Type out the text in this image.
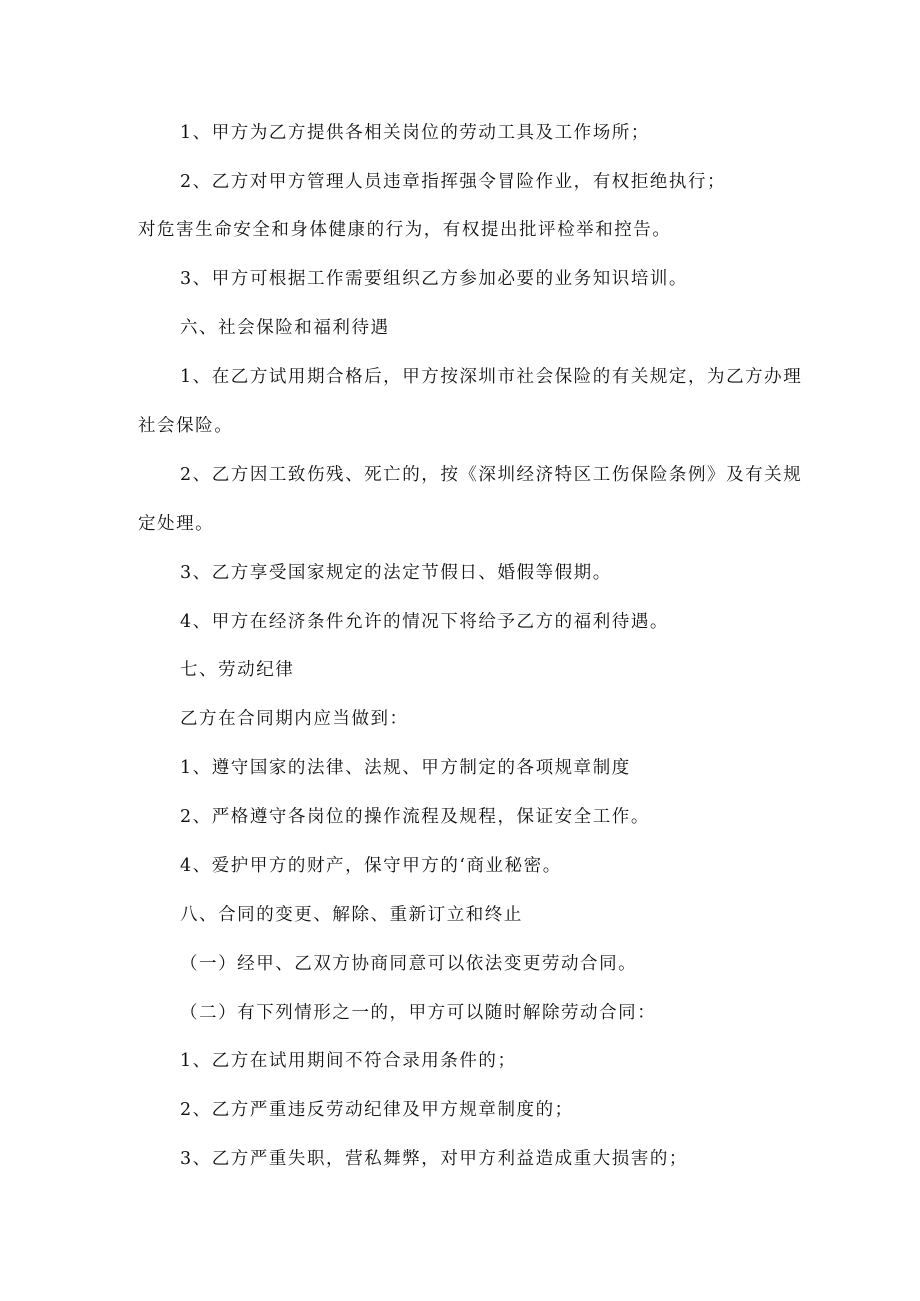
1、甲方为乙方提供各相关岗位的劳动工具及工作场所；

2、乙方对甲方管理人员违章指挥强令冒险作业，有权拒绝执行；

对危害生命安全和身体健康的行为，有权提出批评检举和控告。

3、甲方可根据工作需要组织乙方参加必要的业务知识培训。

六、社会保险和福利待遇

1、在乙方试用期合格后，甲方按深圳市社会保险的有关规定，为乙方办理

社会保险。

2、乙方因工致伤残、死亡的，按《深圳经济特区工伤保险条例》及有关规

定处理。

3、乙方享受国家规定的法定节假日、婚假等假期。

4、甲方在经济条件允许的情况下将给予乙方的福利待遇。

七、劳动纪律

乙方在合同期内应当做到：

1、遵守国家的法律、法规、甲方制定的各项规章制度

2、严格遵守各岗位的操作流程及规程，保证安全工作。

4、爱护甲方的财产，保守甲方的‘商业秘密。

八、合同的变更、解除、重新订立和终止

（一）经甲、乙双方协商同意可以依法变更劳动合同。

（二）有下列情形之一的，甲方可以随时解除劳动合同：

1、乙方在试用期间不符合录用条件的；

2、乙方严重违反劳动纪律及甲方规章制度的；

3、乙方严重失职，营私舞弊，对甲方利益造成重大损害的；
